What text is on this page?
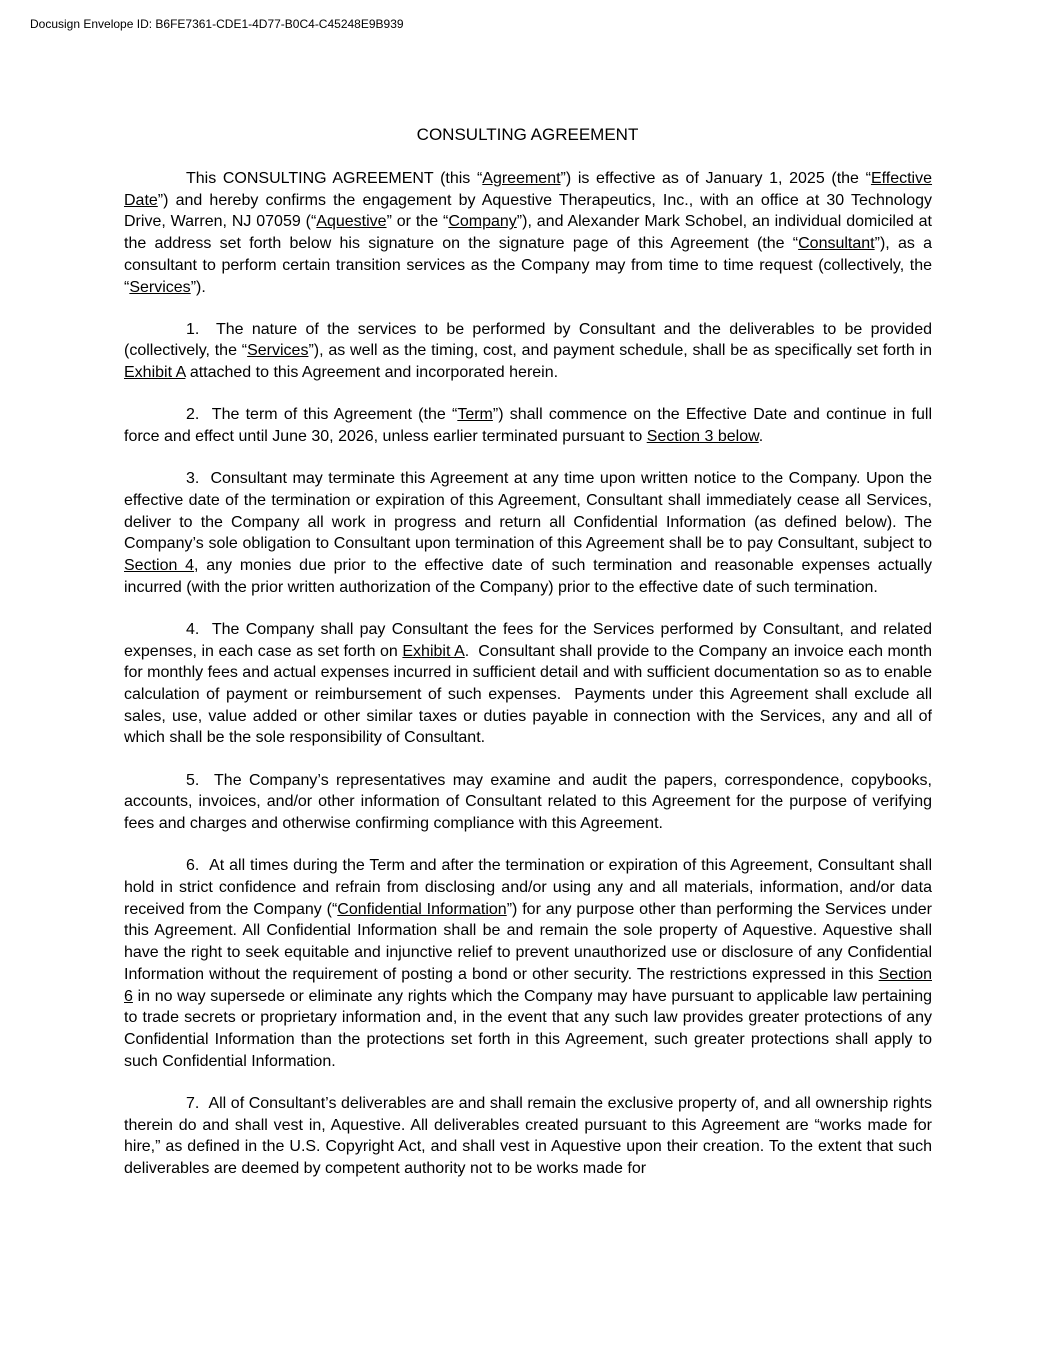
Docusign Envelope ID: B6FE7361-CDE1-4D77-B0C4-C45248E9B939
CONSULTING AGREEMENT

This CONSULTING AGREEMENT (this “Agreement”) is effective as of January 1, 2025 (the “Effective Date”) and hereby confirms the engagement by Aquestive Therapeutics, Inc., with an office at 30 Technology Drive, Warren, NJ 07059 (“Aquestive” or the “Company”), and Alexander Mark Schobel, an individual domiciled at the address set forth below his signature on the signature page of this Agreement (the “Consultant”), as a consultant to perform certain transition services as the Company may from time to time request (collectively, the “Services”).

1.  The nature of the services to be performed by Consultant and the deliverables to be provided (collectively, the “Services”), as well as the timing, cost, and payment schedule, shall be as specifically set forth in Exhibit A attached to this Agreement and incorporated herein.

2.  The term of this Agreement (the “Term”) shall commence on the Effective Date and continue in full force and effect until June 30, 2026, unless earlier terminated pursuant to Section 3 below.

3.  Consultant may terminate this Agreement at any time upon written notice to the Company. Upon the effective date of the termination or expiration of this Agreement, Consultant shall immediately cease all Services, deliver to the Company all work in progress and return all Confidential Information (as defined below). The Company’s sole obligation to Consultant upon termination of this Agreement shall be to pay Consultant, subject to Section 4, any monies due prior to the effective date of such termination and reasonable expenses actually incurred (with the prior written authorization of the Company) prior to the effective date of such termination.

4.  The Company shall pay Consultant the fees for the Services performed by Consultant, and related expenses, in each case as set forth on Exhibit A.  Consultant shall provide to the Company an invoice each month for monthly fees and actual expenses incurred in sufficient detail and with sufficient documentation so as to enable calculation of payment or reimbursement of such expenses.  Payments under this Agreement shall exclude all sales, use, value added or other similar taxes or duties payable in connection with the Services, any and all of which shall be the sole responsibility of Consultant.

5.  The Company’s representatives may examine and audit the papers, correspondence, copybooks, accounts, invoices, and/or other information of Consultant related to this Agreement for the purpose of verifying fees and charges and otherwise confirming compliance with this Agreement.

6.  At all times during the Term and after the termination or expiration of this Agreement, Consultant shall hold in strict confidence and refrain from disclosing and/or using any and all materials, information, and/or data received from the Company (“Confidential Information”) for any purpose other than performing the Services under this Agreement. All Confidential Information shall be and remain the sole property of Aquestive. Aquestive shall have the right to seek equitable and injunctive relief to prevent unauthorized use or disclosure of any Confidential Information without the requirement of posting a bond or other security. The restrictions expressed in this Section 6 in no way supersede or eliminate any rights which the Company may have pursuant to applicable law pertaining to trade secrets or proprietary information and, in the event that any such law provides greater protections of any Confidential Information than the protections set forth in this Agreement, such greater protections shall apply to such Confidential Information.

7.  All of Consultant’s deliverables are and shall remain the exclusive property of, and all ownership rights therein do and shall vest in, Aquestive. All deliverables created pursuant to this Agreement are “works made for hire,” as defined in the U.S. Copyright Act, and shall vest in Aquestive upon their creation. To the extent that such deliverables are deemed by competent authority not to be works made for
